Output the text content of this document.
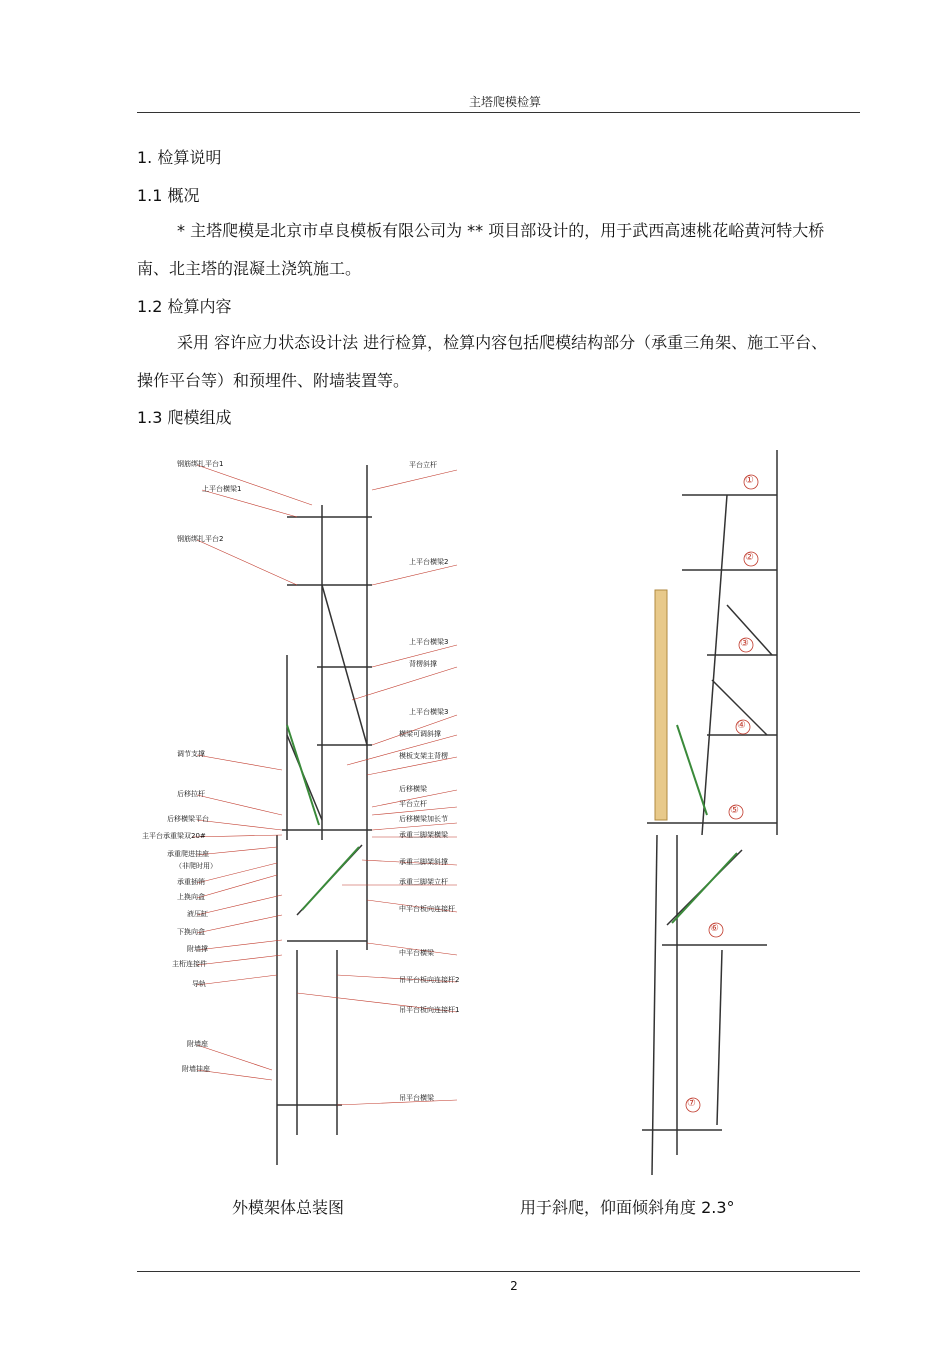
主塔爬模检算
1. 检算说明
1.1 概况
* 主塔爬模是北京市卓良模板有限公司为 ** 项目部设计的，用于武西高速桃花峪黄河特大桥南、北主塔的混凝土浇筑施工。
1.2 检算内容
采用 容许应力状态设计法 进行检算，检算内容包括爬模结构部分（承重三角架、施工平台、操作平台等）和预埋件、附墙装置等。
1.3 爬模组成
钢筋绑扎平台1
上平台横梁1
钢筋绑扎平台2
调节支撑
后移拉杆
后移横梁平台
主平台承重梁双20#
承重爬进挂座
（非爬时用）
承重插销
上换向盒
液压缸
下换向盒
附墙撑
主桁连接件
导轨
附墙座
附墙挂座
平台立杆
上平台横梁2
上平台横梁3
背楞斜撑
上平台横梁3
横梁可调斜撑
模板支架主背楞
后移横梁
平台立杆
后移横梁加长节
承重三脚架横梁
承重三脚架斜撑
承重三脚架立杆
中平台板向连接杆
中平台横梁
吊平台板向连接杆2
吊平台板向连接杆1
吊平台横梁
①
②
③
④
⑤
⑥
⑦
外模架体总装图	用于斜爬，仰面倾斜角度 2.3°
2
